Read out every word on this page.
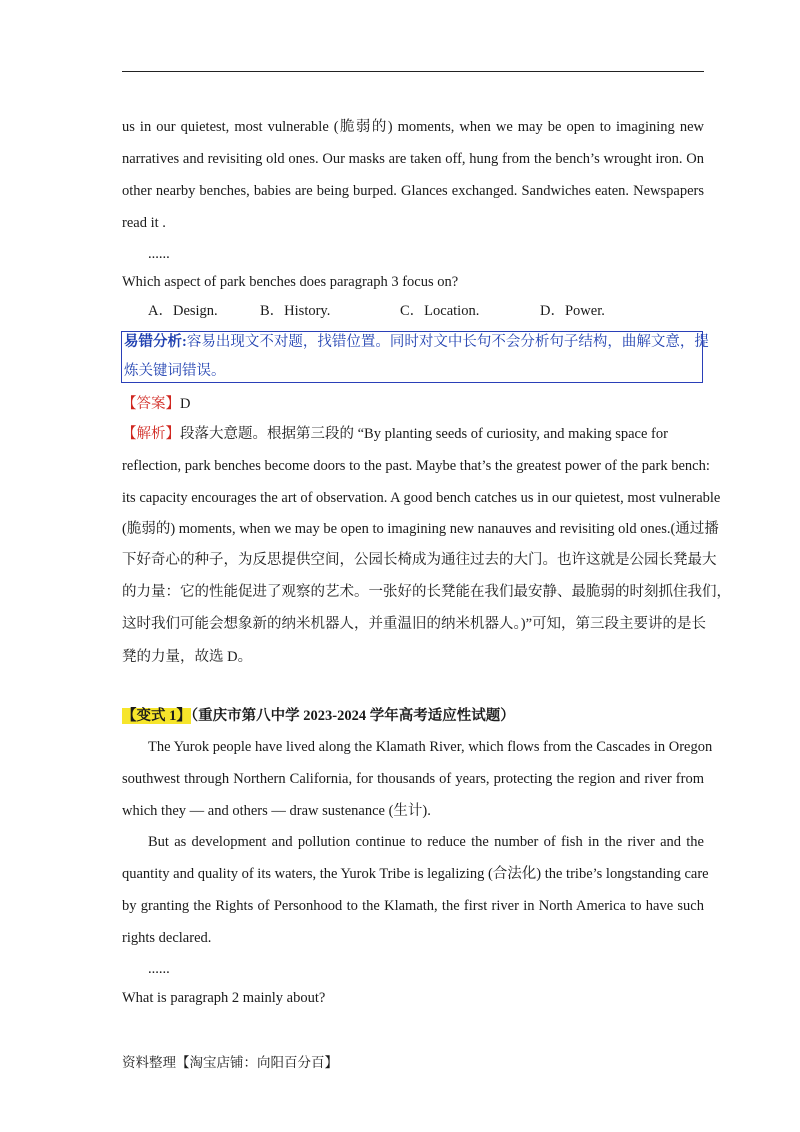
us in our quietest, most vulnerable (脆弱的) moments, when we may be open to imagining new
narratives and revisiting old ones. Our masks are taken off, hung from the bench’s wrought iron. On
other nearby benches, babies are being burped. Glances exchanged. Sandwiches eaten. Newspapers
read it .
......
Which aspect of park benches does paragraph 3 focus on?
A．Design.	B．History.	C．Location.	D．Power.
易错分析:容易出现文不对题，找错位置。同时对文中长句不会分析句子结构，曲解文意，提
炼关键词错误。
【答案】D
【解析】段落大意题。根据第三段的 “By planting seeds of curiosity, and making space for
reflection, park benches become doors to the past. Maybe that’s the greatest power of the park bench:
its capacity encourages the art of observation. A good bench catches us in our quietest, most vulnerable
(脆弱的) moments, when we may be open to imagining new nanauves and revisiting old ones.(通过播
下好奇心的种子，为反思提供空间，公园长椅成为通往过去的大门。也许这就是公园长凳最大
的力量：它的性能促进了观察的艺术。一张好的长凳能在我们最安静、最脆弱的时刻抓住我们，
这时我们可能会想象新的纳米机器人，并重温旧的纳米机器人。)”可知，第三段主要讲的是长
凳的力量，故选 D。
【变式 1】（重庆市第八中学 2023-2024 学年高考适应性试题）
The Yurok people have lived along the Klamath River, which flows from the Cascades in Oregon
southwest through Northern California, for thousands of years, protecting the region and river from
which they — and others — draw sustenance (生计).
But as development and pollution continue to reduce the number of fish in the river and the
quantity and quality of its waters, the Yurok Tribe is legalizing (合法化) the tribe’s longstanding care
by granting the Rights of Personhood to the Klamath, the first river in North America to have such
rights declared.
......
What is paragraph 2 mainly about?
资料整理【淘宝店铺：向阳百分百】
